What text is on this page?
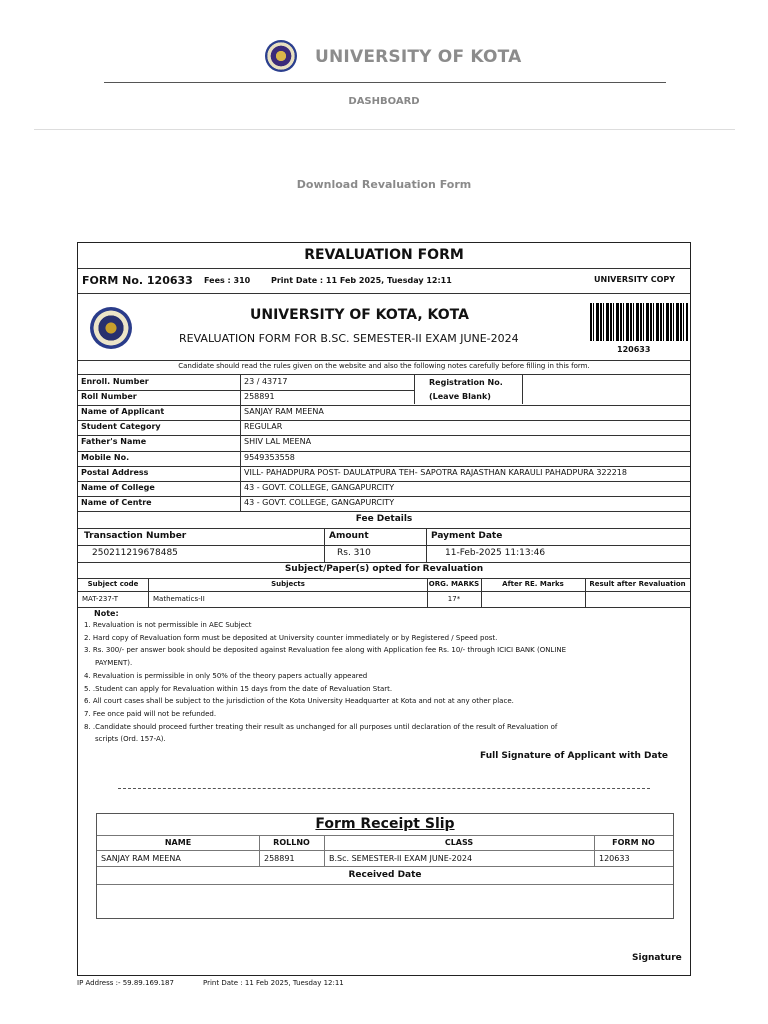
UNIVERSITY OF KOTA
DASHBOARD
Download Revaluation Form
REVALUATION FORM
FORM No. 120633 Fees : 310	Print Date : 11 Feb 2025, Tuesday 12:11	UNIVERSITY COPY
UNIVERSITY OF KOTA, KOTA
REVALUATION FORM FOR B.SC. SEMESTER-II EXAM JUNE-2024
120633
Candidate should read the rules given on the website and also the following notes carefully before filling in this form.
Enroll. Number	23 / 43717
Roll Number	258891
Name of Applicant	SANJAY RAM MEENA
Student Category	REGULAR
Father's Name	SHIV LAL MEENA
Mobile No.	9549353558
Postal Address	VILL- PAHADPURA POST- DAULATPURA TEH- SAPOTRA RAJASTHAN KARAULI PAHADPURA 322218
Name of College	43 - GOVT. COLLEGE, GANGAPURCITY
Name of Centre	43 - GOVT. COLLEGE, GANGAPURCITY
Registration No.
(Leave Blank)
Fee Details
Transaction Number	Amount	Payment Date
250211219678485	Rs. 310	11-Feb-2025 11:13:46
Subject/Paper(s) opted for Revaluation
Subject code	Subjects	ORG. MARKS	After RE. Marks	Result after Revaluation
MAT-237-T	Mathematics-II	17*
Note:
1. Revaluation is not permissible in AEC Subject
2. Hard copy of Revaluation form must be deposited at University counter immediately or by Registered / Speed post.
3. Rs. 300/- per answer book should be deposited against Revaluation fee along with Application fee Rs. 10/- through ICICI BANK (ONLINE
PAYMENT).
4. Revaluation is permissible in only 50% of the theory papers actually appeared
5. .Student can apply for Revaluation within 15 days from the date of Revaluation Start.
6. All court cases shall be subject to the jurisdiction of the Kota University Headquarter at Kota and not at any other place.
7. Fee once paid will not be refunded.
8. .Candidate should proceed further treating their result as unchanged for all purposes until declaration of the result of Revaluation of
scripts (Ord. 157-A).
Full Signature of Applicant with Date
Form Receipt Slip
NAME	ROLLNO	CLASS	FORM NO
SANJAY RAM MEENA	258891	B.Sc. SEMESTER-II EXAM JUNE-2024	120633
Received Date
Signature
IP Address :- 59.89.169.187	Print Date : 11 Feb 2025, Tuesday 12:11
